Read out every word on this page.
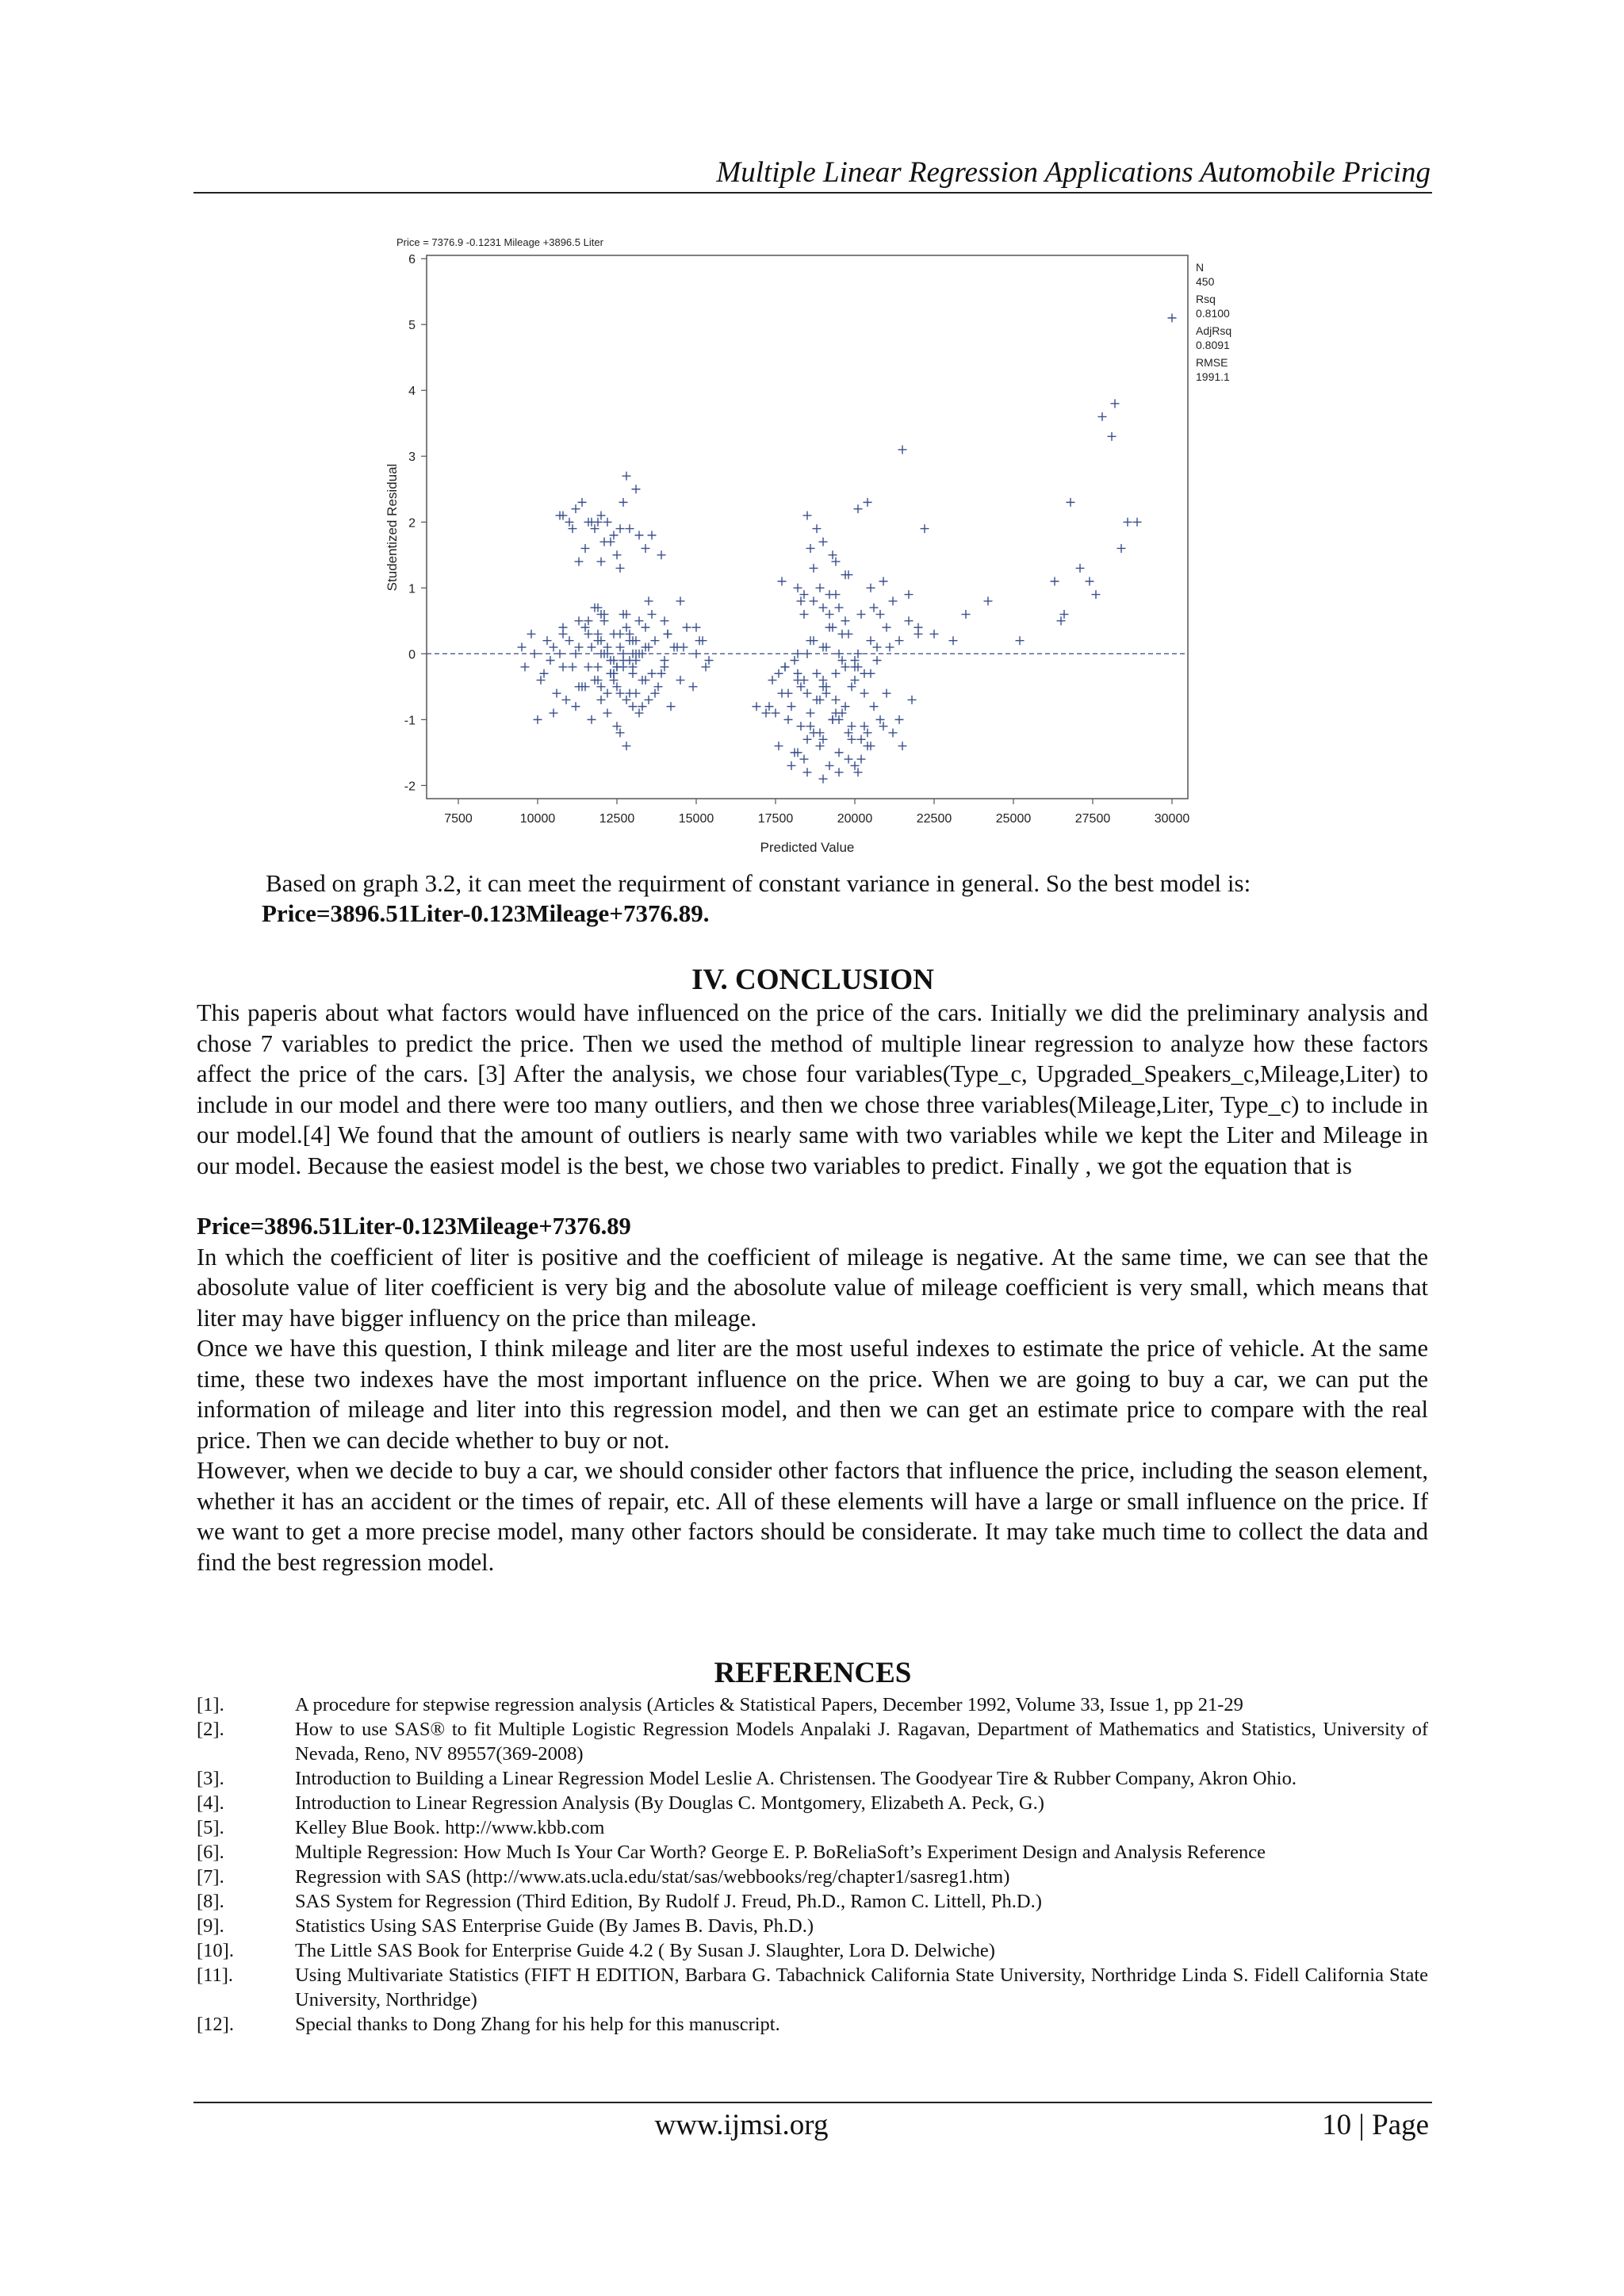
Multiple Linear Regression Applications Automobile Pricing
Price = 7376.9 -0.1231 Mileage +3896.5 Liter
7500	10000	12500	15000	17500	20000	22500	25000	27500	30000
-2
-1
0
1
2
3
4
5
6
N
450
Rsq
0.8100
AdjRsq
0.8091
RMSE
1991.1
Predicted Value
Studentized Residual
Based on graph 3.2, it can meet the requirment of constant variance in general. So the best model is:
Price=3896.51Liter-0.123Mileage+7376.89.
IV. CONCLUSION

This paperis about what factors would have influenced on the price of the cars. Initially we did the preliminary analysis and chose 7 variables to predict the price. Then we used the method of multiple linear regression to analyze how these factors affect the price of the cars. [3] After the analysis, we chose four variables(Type_c, Upgraded_Speakers_c,Mileage,Liter) to include in our model and there were too many outliers, and then we chose three variables(Mileage,Liter, Type_c) to include in our model.[4] We found that the amount of outliers is nearly same with two variables while we kept the Liter and Mileage in our model. Because the easiest model is the best, we chose two variables to predict. Finally , we got the equation that is

Price=3896.51Liter-0.123Mileage+7376.89

In which the coefficient of liter is positive and the coefficient of mileage is negative. At the same time, we can see that the abosolute value of liter coefficient is very big and the abosolute value of mileage coefficient is very small, which means that liter may have bigger influency on the price than mileage.

Once we have this question, I think mileage and liter are the most useful indexes to estimate the price of vehicle. At the same time, these two indexes have the most important influence on the price. When we are going to buy a car, we can put the information of mileage and liter into this regression model, and then we can get an estimate price to compare with the real price. Then we can decide whether to buy or not.

However, when we decide to buy a car, we should consider other factors that influence the price, including the season element, whether it has an accident or the times of repair, etc. All of these elements will have a large or small influence on the price. If we want to get a more precise model, many other factors should be considerate. It may take much time to collect the data and find the best regression model.

REFERENCES
[1].	A procedure for stepwise regression analysis (Articles & Statistical Papers, December 1992, Volume 33, Issue 1, pp 21-29
[2].	How to use SAS® to fit Multiple Logistic Regression Models Anpalaki J. Ragavan, Department of Mathematics and Statistics, University of Nevada, Reno, NV 89557(369-2008)
[3].	Introduction to Building a Linear Regression Model Leslie A. Christensen. The Goodyear Tire & Rubber Company, Akron Ohio.
[4].	Introduction to Linear Regression Analysis (By Douglas C. Montgomery, Elizabeth A. Peck, G.)
[5].	Kelley Blue Book. http://www.kbb.com
[6].	Multiple Regression: How Much Is Your Car Worth? George E. P. BoReliaSoft’s Experiment Design and Analysis Reference
[7].	Regression with SAS (http://www.ats.ucla.edu/stat/sas/webbooks/reg/chapter1/sasreg1.htm)
[8].	SAS System for Regression (Third Edition, By Rudolf J. Freud, Ph.D., Ramon C. Littell, Ph.D.)
[9].	Statistics Using SAS Enterprise Guide (By James B. Davis, Ph.D.)
[10].	The Little SAS Book for Enterprise Guide 4.2 ( By Susan J. Slaughter, Lora D. Delwiche)
[11].	Using Multivariate Statistics (FIFT H EDITION, Barbara G. Tabachnick California State University, Northridge Linda S. Fidell California State University, Northridge)
[12].	Special thanks to Dong Zhang for his help for this manuscript.
www.ijmsi.org	10 | Page
